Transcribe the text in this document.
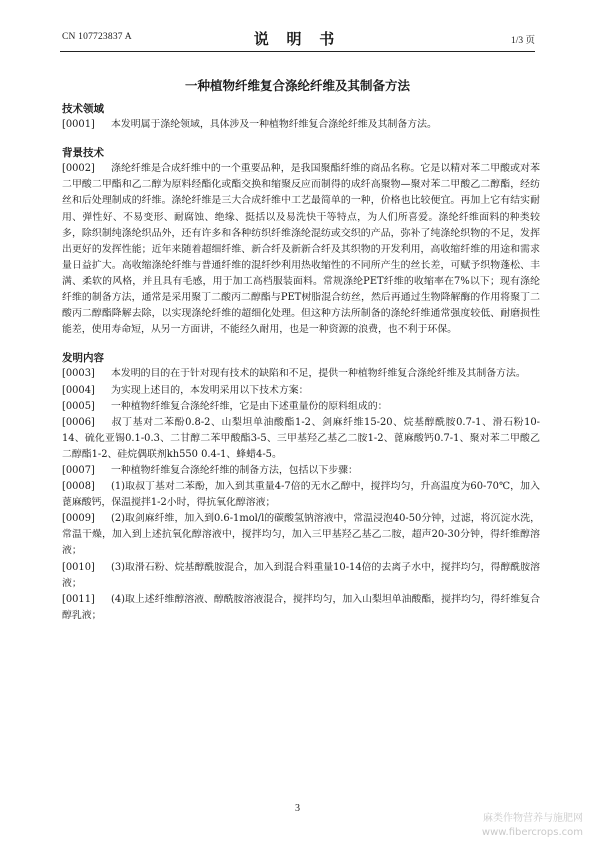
CN 107723837 A	说 明 书	1/3 页
一种植物纤维复合涤纶纤维及其制备方法
技术领域

[0001] 本发明属于涤纶领域，具体涉及一种植物纤维复合涤纶纤维及其制备方法。

背景技术

[0002] 涤纶纤维是合成纤维中的一个重要品种，是我国聚酯纤维的商品名称。它是以精对苯二甲酸或对苯二甲酸二甲酯和乙二醇为原料经酯化或酯交换和缩聚反应而制得的成纤高聚物—聚对苯二甲酸乙二醇酯，经纺丝和后处理制成的纤维。涤纶纤维是三大合成纤维中工艺最简单的一种，价格也比较便宜。再加上它有结实耐用、弹性好、不易变形、耐腐蚀、绝缘、挺括以及易洗快干等特点，为人们所喜爱。涤纶纤维面料的种类较多，除织制纯涤纶织品外，还有许多和各种纺织纤维涤纶混纺或交织的产品，弥补了纯涤纶织物的不足，发挥出更好的发挥性能；近年来随着超细纤维、新合纤及新新合纤及其织物的开发利用，高收缩纤维的用途和需求量日益扩大。高收缩涤纶纤维与普通纤维的混纤纱利用热收缩性的不同所产生的丝长差，可赋予织物蓬松、丰满、柔软的风格，并且具有毛感，用于加工高档服装面料。常规涤纶PET纤维的收缩率在7%以下；现有涤纶纤维的制备方法，通常是采用聚丁二酸丙二醇酯与PET树脂混合纺丝，然后再通过生物降解酶的作用将聚丁二酸丙二醇酯降解去除，以实现涤纶纤维的超细化处理。但这种方法所制备的涤纶纤维通常强度较低、耐磨损性能差，使用寿命短，从另一方面讲，不能经久耐用，也是一种资源的浪费，也不利于环保。

发明内容

[0003] 本发明的目的在于针对现有技术的缺陷和不足，提供一种植物纤维复合涤纶纤维及其制备方法。

[0004] 为实现上述目的，本发明采用以下技术方案：

[0005] 一种植物纤维复合涤纶纤维，它是由下述重量份的原料组成的：

[0006] 叔丁基对二苯酚0.8-2、山梨坦单油酸酯1-2、剑麻纤维15-20、烷基醇酰胺0.7-1、滑石粉10-14、硫化亚锡0.1-0.3、二甘醇二苯甲酸酯3-5、三甲基羟乙基乙二胺1-2、蓖麻酸钙0.7-1、聚对苯二甲酸乙二醇酯1-2、硅烷偶联剂kh550 0.4-1、蜂蜡4-5。

[0007] 一种植物纤维复合涤纶纤维的制备方法，包括以下步骤：

[0008] (1)取叔丁基对二苯酚，加入到其重量4-7倍的无水乙醇中，搅拌均匀，升高温度为60-70℃，加入蓖麻酸钙，保温搅拌1-2小时，得抗氧化醇溶液；

[0009] (2)取剑麻纤维，加入到0.6-1mol/l的碳酸氢钠溶液中，常温浸泡40-50分钟，过滤，将沉淀水洗，常温干燥，加入到上述抗氧化醇溶液中，搅拌均匀，加入三甲基羟乙基乙二胺，超声20-30分钟，得纤维醇溶液；

[0010] (3)取滑石粉、烷基醇酰胺混合，加入到混合料重量10-14倍的去离子水中，搅拌均匀，得醇酰胺溶液；

[0011] (4)取上述纤维醇溶液、醇酰胺溶液混合，搅拌均匀，加入山梨坦单油酸酯，搅拌均匀，得纤维复合醇乳液；

3
麻类作物营养与施肥网
www.fibercrops.com
